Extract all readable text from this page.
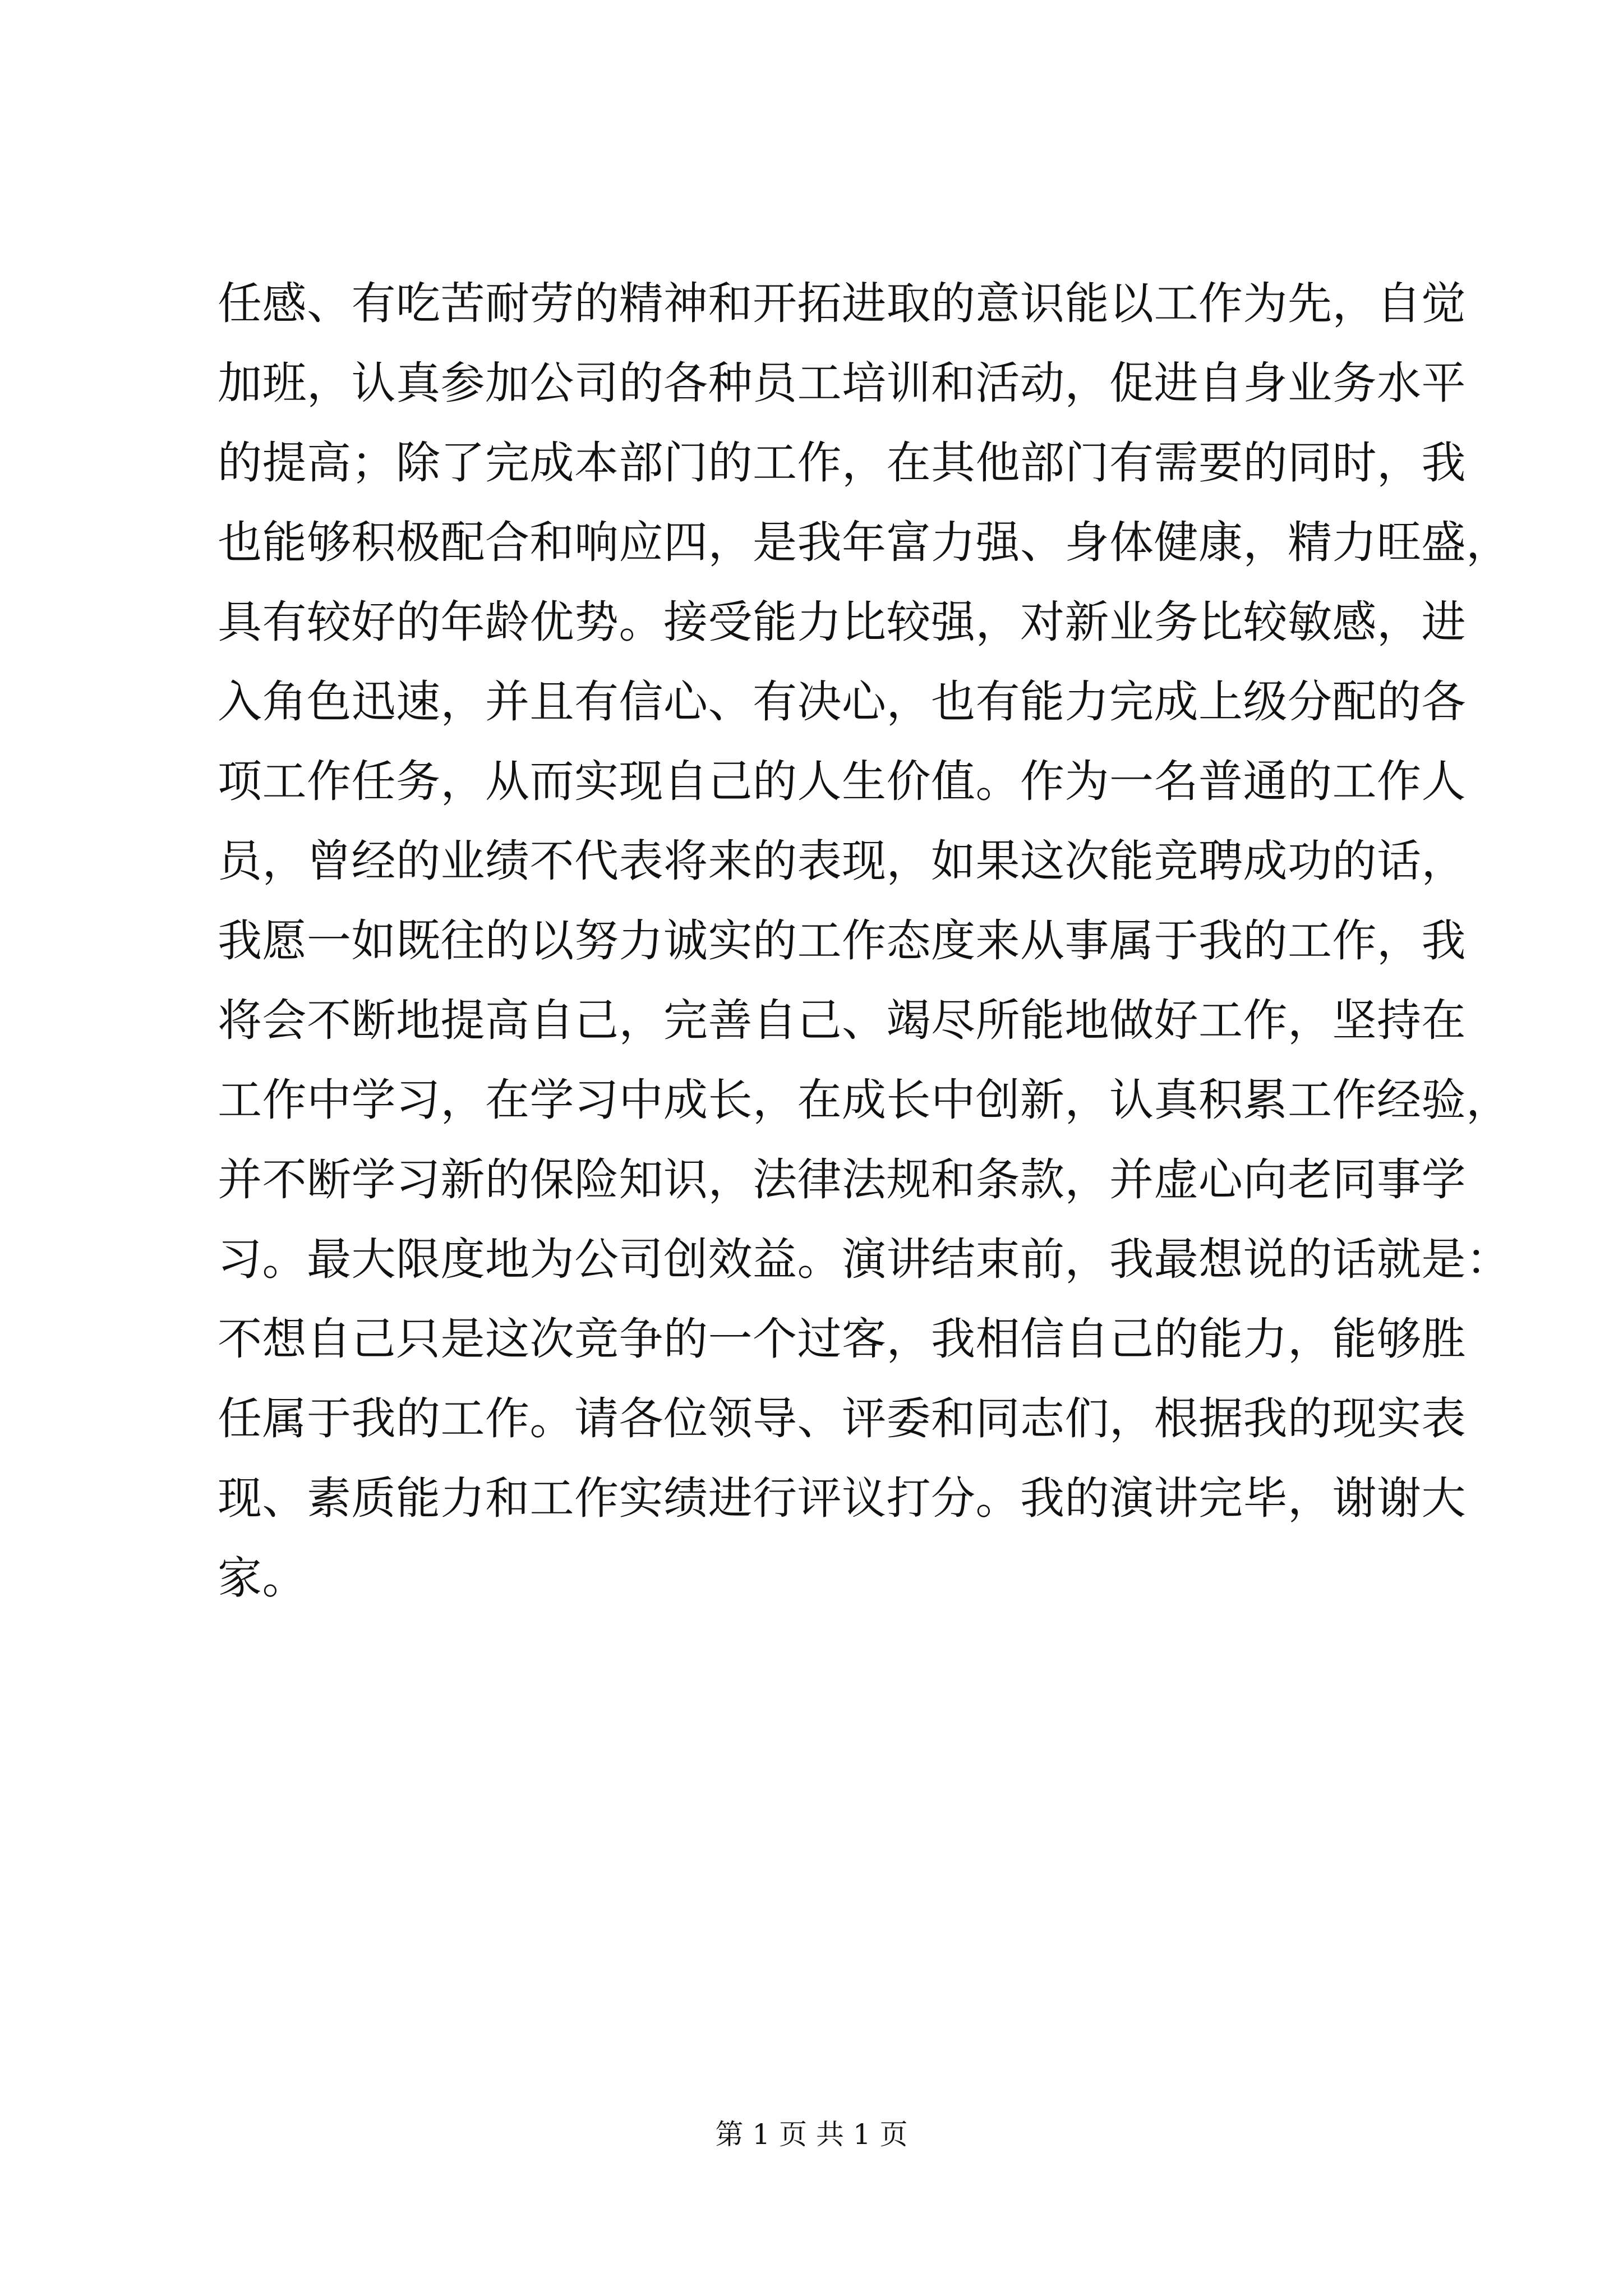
任感、有吃苦耐劳的精神和开拓进取的意识能以工作为先，自觉
加班，认真参加公司的各种员工培训和活动，促进自身业务水平
的提高；除了完成本部门的工作，在其他部门有需要的同时，我
也能够积极配合和响应四，是我年富力强、身体健康，精力旺盛，
具有较好的年龄优势。接受能力比较强，对新业务比较敏感，进
入角色迅速，并且有信心、有决心，也有能力完成上级分配的各
项工作任务，从而实现自己的人生价值。作为一名普通的工作人
员，曾经的业绩不代表将来的表现，如果这次能竞聘成功的话，
我愿一如既往的以努力诚实的工作态度来从事属于我的工作，我
将会不断地提高自己，完善自己、竭尽所能地做好工作，坚持在
工作中学习，在学习中成长，在成长中创新，认真积累工作经验，
并不断学习新的保险知识，法律法规和条款，并虚心向老同事学
习。最大限度地为公司创效益。演讲结束前，我最想说的话就是：
不想自己只是这次竞争的一个过客，我相信自己的能力，能够胜
任属于我的工作。请各位领导、评委和同志们，根据我的现实表
现、素质能力和工作实绩进行评议打分。我的演讲完毕，谢谢大
家。
第 1 页 共 1 页
